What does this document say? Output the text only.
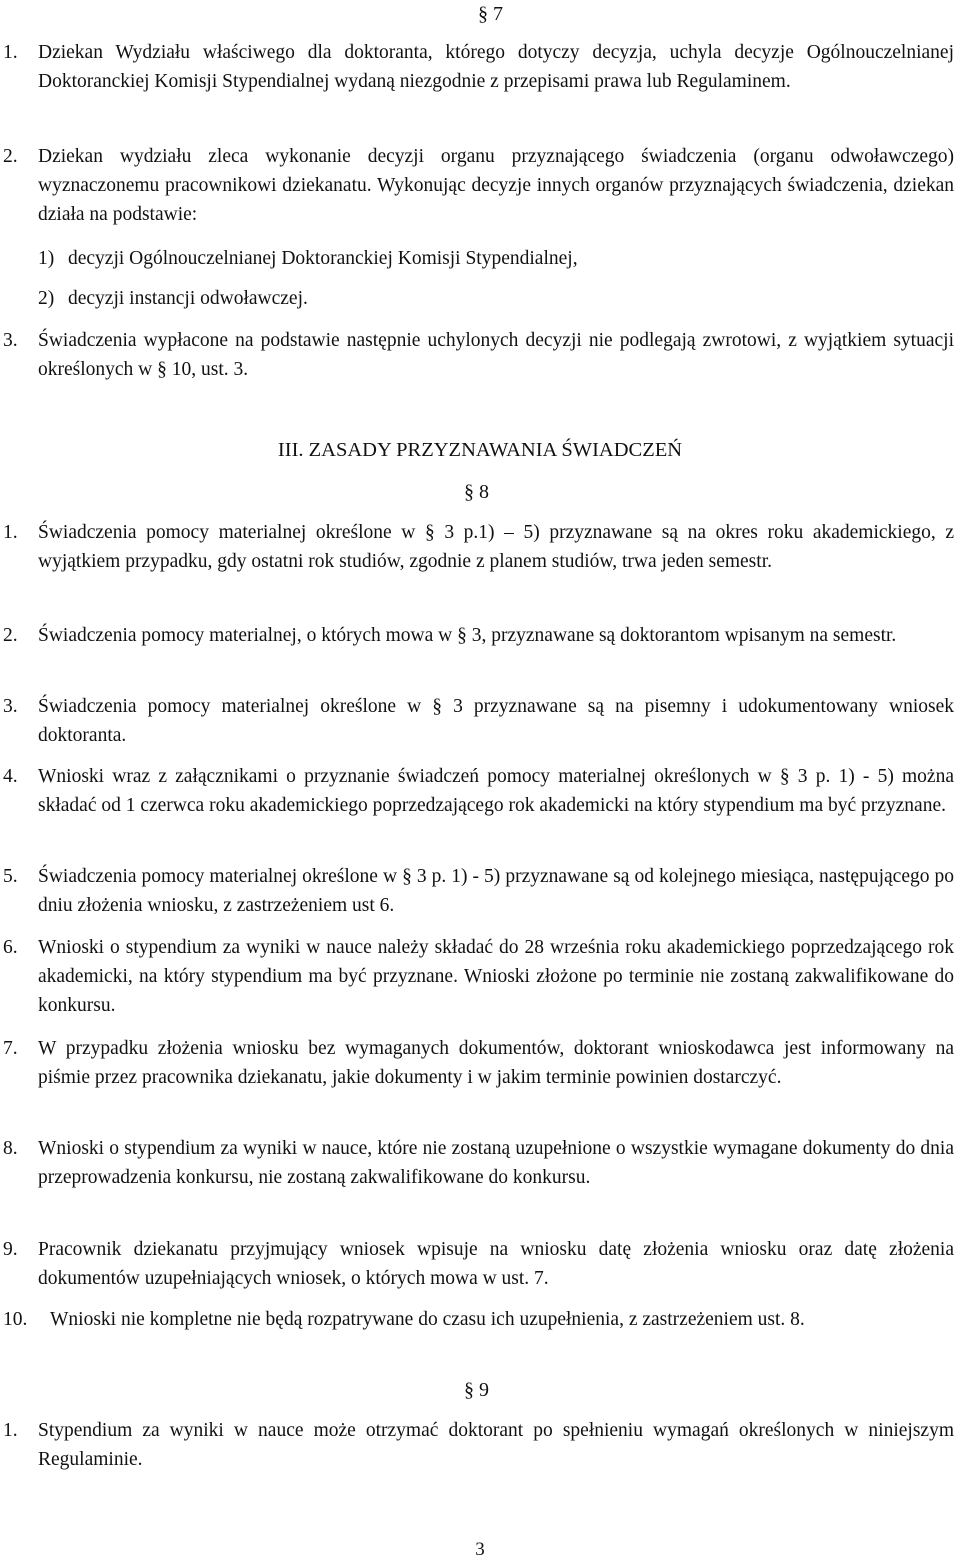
§ 7
1. Dziekan Wydziału właściwego dla doktoranta, którego dotyczy decyzja, uchyla decyzje Ogólnouczelnianej Doktoranckiej Komisji Stypendialnej wydaną niezgodnie z przepisami prawa lub Regulaminem.
2. Dziekan wydziału zleca wykonanie decyzji organu przyznającego świadczenia (organu odwoławczego) wyznaczonemu pracownikowi dziekanatu. Wykonując decyzje innych organów przyznających świadczenia, dziekan działa na podstawie:
1) decyzji Ogólnouczelnianej Doktoranckiej Komisji Stypendialnej,
2) decyzji instancji odwoławczej.
3. Świadczenia wypłacone na podstawie następnie uchylonych decyzji nie podlegają zwrotowi, z wyjątkiem sytuacji określonych w § 10, ust. 3.
III. ZASADY PRZYZNAWANIA ŚWIADCZEŃ
§ 8
1. Świadczenia pomocy materialnej określone w § 3 p.1) – 5) przyznawane są na okres roku akademickiego, z wyjątkiem przypadku, gdy ostatni rok studiów, zgodnie z planem studiów, trwa jeden semestr.
2. Świadczenia pomocy materialnej, o których mowa w § 3, przyznawane są doktorantom wpisanym na semestr.
3. Świadczenia pomocy materialnej określone w § 3 przyznawane są na pisemny i udokumentowany wniosek doktoranta.
4. Wnioski wraz z załącznikami o przyznanie świadczeń pomocy materialnej określonych w § 3 p. 1) - 5) można składać od 1 czerwca roku akademickiego poprzedzającego rok akademicki na który stypendium ma być przyznane.
5. Świadczenia pomocy materialnej określone w § 3 p. 1) - 5) przyznawane są od kolejnego miesiąca, następującego po dniu złożenia wniosku, z zastrzeżeniem ust 6.
6. Wnioski o stypendium za wyniki w nauce należy składać do 28 września roku akademickiego poprzedzającego rok akademicki, na który stypendium ma być przyznane. Wnioski złożone po terminie nie zostaną zakwalifikowane do konkursu.
7. W przypadku złożenia wniosku bez wymaganych dokumentów, doktorant wnioskodawca jest informowany na piśmie przez pracownika dziekanatu, jakie dokumenty i w jakim terminie powinien dostarczyć.
8. Wnioski o stypendium za wyniki w nauce, które nie zostaną uzupełnione o wszystkie wymagane dokumenty do dnia przeprowadzenia konkursu, nie zostaną zakwalifikowane do konkursu.
9. Pracownik dziekanatu przyjmujący wniosek wpisuje na wniosku datę złożenia wniosku oraz datę złożenia dokumentów uzupełniających wniosek, o których mowa w ust. 7.
10. Wnioski nie kompletne nie będą rozpatrywane do czasu ich uzupełnienia, z zastrzeżeniem ust. 8.
§ 9
1. Stypendium za wyniki w nauce może otrzymać doktorant po spełnieniu wymagań określonych w niniejszym Regulaminie.
3
